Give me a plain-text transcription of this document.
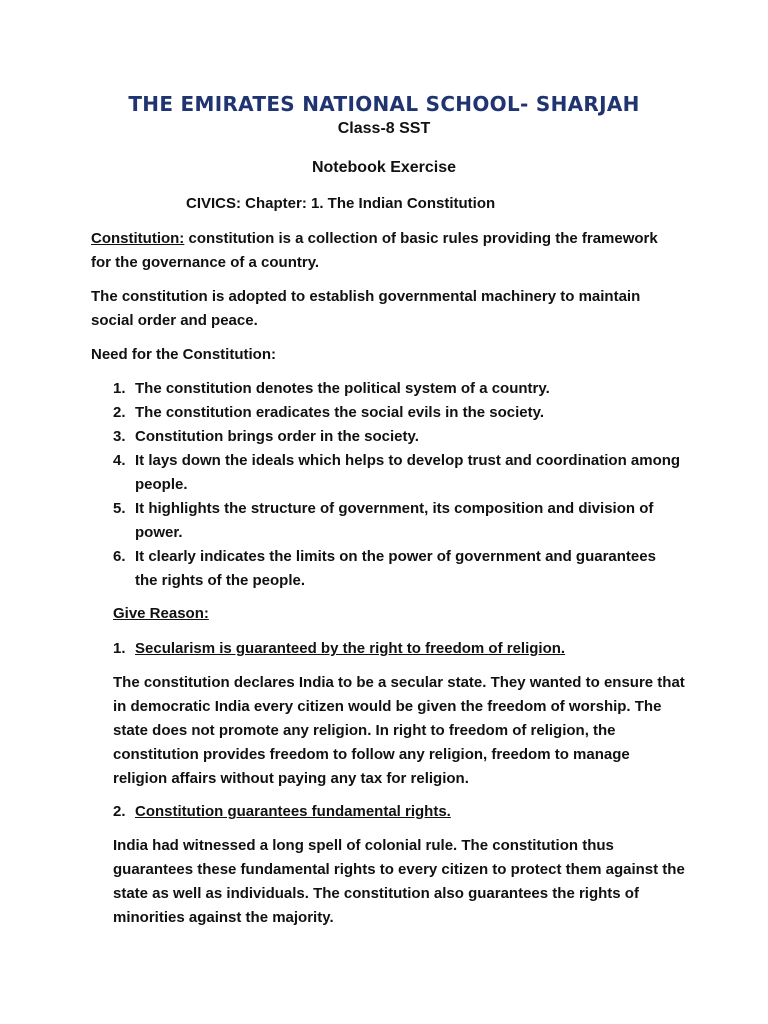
THE EMIRATES NATIONAL SCHOOL- SHARJAH

Class-8 SST

Notebook Exercise

CIVICS: Chapter: 1. The Indian Constitution

Constitution: constitution is a collection of basic rules providing the framework for the governance of a country.

The constitution is adopted to establish governmental machinery to maintain social order and peace.

Need for the Constitution:

1. The constitution denotes the political system of a country.
2. The constitution eradicates the social evils in the society.
3. Constitution brings order in the society.
4. It lays down the ideals which helps to develop trust and coordination among people.
5. It highlights the structure of government, its composition and division of power.
6. It clearly indicates the limits on the power of government and guarantees the rights of the people.

Give Reason:

1. Secularism is guaranteed by the right to freedom of religion.

The constitution declares India to be a secular state. They wanted to ensure that in democratic India every citizen would be given the freedom of worship. The state does not promote any religion. In right to freedom of religion, the constitution provides freedom to follow any religion, freedom to manage religion affairs without paying any tax for religion.

2. Constitution guarantees fundamental rights.

India had witnessed a long spell of colonial rule. The constitution thus guarantees these fundamental rights to every citizen to protect them against the state as well as individuals. The constitution also guarantees the rights of minorities against the majority.
